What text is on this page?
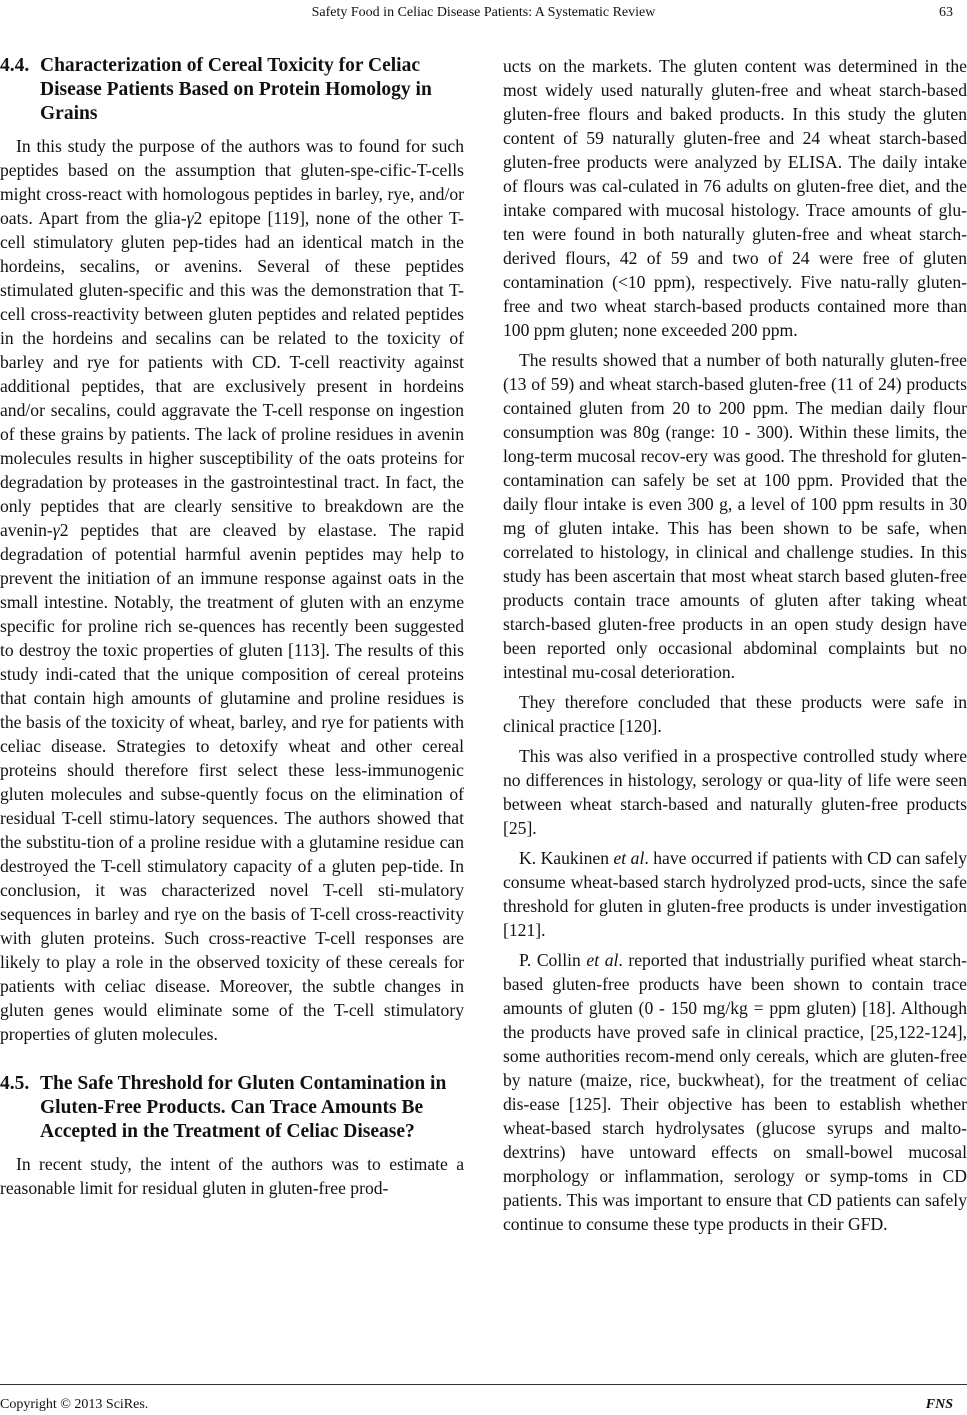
Safety Food in Celiac Disease Patients: A Systematic Review	63
4.4. Characterization of Cereal Toxicity for Celiac Disease Patients Based on Protein Homology in Grains

In this study the purpose of the authors was to found for such peptides based on the assumption that gluten-spe-cific-T-cells might cross-react with homologous peptides in barley, rye, and/or oats. Apart from the glia-γ2 epitope [119], none of the other T-cell stimulatory gluten pep-tides had an identical match in the hordeins, secalins, or avenins. Several of these peptides stimulated gluten-specific and this was the demonstration that T-cell cross-reactivity between gluten peptides and related peptides in the hordeins and secalins can be related to the toxicity of barley and rye for patients with CD. T-cell reactivity against additional peptides, that are exclusively present in hordeins and/or secalins, could aggravate the T-cell response on ingestion of these grains by patients. The lack of proline residues in avenin molecules results in higher susceptibility of the oats proteins for degradation by proteases in the gastrointestinal tract. In fact, the only peptides that are clearly sensitive to breakdown are the avenin-γ2 peptides that are cleaved by elastase. The rapid degradation of potential harmful avenin peptides may help to prevent the initiation of an immune response against oats in the small intestine. Notably, the treatment of gluten with an enzyme specific for proline rich se-quences has recently been suggested to destroy the toxic properties of gluten [113]. The results of this study indi-cated that the unique composition of cereal proteins that contain high amounts of glutamine and proline residues is the basis of the toxicity of wheat, barley, and rye for patients with celiac disease. Strategies to detoxify wheat and other cereal proteins should therefore first select these less-immunogenic gluten molecules and subse-quently focus on the elimination of residual T-cell stimu-latory sequences. The authors showed that the substitu-tion of a proline residue with a glutamine residue can destroyed the T-cell stimulatory capacity of a gluten pep-tide. In conclusion, it was characterized novel T-cell sti-mulatory sequences in barley and rye on the basis of T-cell cross-reactivity with gluten proteins. Such cross-reactive T-cell responses are likely to play a role in the observed toxicity of these cereals for patients with celiac disease. Moreover, the subtle changes in gluten genes would eliminate some of the T-cell stimulatory properties of gluten molecules.

4.5. The Safe Threshold for Gluten Contamination in Gluten-Free Products. Can Trace Amounts Be Accepted in the Treatment of Celiac Disease?

In recent study, the intent of the authors was to estimate a reasonable limit for residual gluten in gluten-free prod-

ucts on the markets. The gluten content was determined in the most widely used naturally gluten-free and wheat starch-based gluten-free flours and baked products. In this study the gluten content of 59 naturally gluten-free and 24 wheat starch-based gluten-free products were analyzed by ELISA. The daily intake of flours was cal-culated in 76 adults on gluten-free diet, and the intake compared with mucosal histology. Trace amounts of glu-ten were found in both naturally gluten-free and wheat starch-derived flours, 42 of 59 and two of 24 were free of gluten contamination (<10 ppm), respectively. Five natu-rally gluten-free and two wheat starch-based products contained more than 100 ppm gluten; none exceeded 200 ppm.

The results showed that a number of both naturally gluten-free (13 of 59) and wheat starch-based gluten-free (11 of 24) products contained gluten from 20 to 200 ppm. The median daily flour consumption was 80g (range: 10 - 300). Within these limits, the long-term mucosal recov-ery was good. The threshold for gluten-contamination can safely be set at 100 ppm. Provided that the daily flour intake is even 300 g, a level of 100 ppm results in 30 mg of gluten intake. This has been shown to be safe, when correlated to histology, in clinical and challenge studies. In this study has been ascertain that most wheat starch based gluten-free products contain trace amounts of gluten after taking wheat starch-based gluten-free products in an open study design have been reported only occasional abdominal complaints but no intestinal mu-cosal deterioration.

They therefore concluded that these products were safe in clinical practice [120].

This was also verified in a prospective controlled study where no differences in histology, serology or qua-lity of life were seen between wheat starch-based and naturally gluten-free products [25].

K. Kaukinen et al. have occurred if patients with CD can safely consume wheat-based starch hydrolyzed prod-ucts, since the safe threshold for gluten in gluten-free products is under investigation [121].

P. Collin et al. reported that industrially purified wheat starch-based gluten-free products have been shown to contain trace amounts of gluten (0 - 150 mg/kg = ppm gluten) [18]. Although the products have proved safe in clinical practice, [25,122-124], some authorities recom-mend only cereals, which are gluten-free by nature (maize, rice, buckwheat), for the treatment of celiac dis-ease [125]. Their objective has been to establish whether wheat-based starch hydrolysates (glucose syrups and malto-dextrins) have untoward effects on small-bowel mucosal morphology or inflammation, serology or symp-toms in CD patients. This was important to ensure that CD patients can safely continue to consume these type products in their GFD.

Copyright © 2013 SciRes.	FNS
